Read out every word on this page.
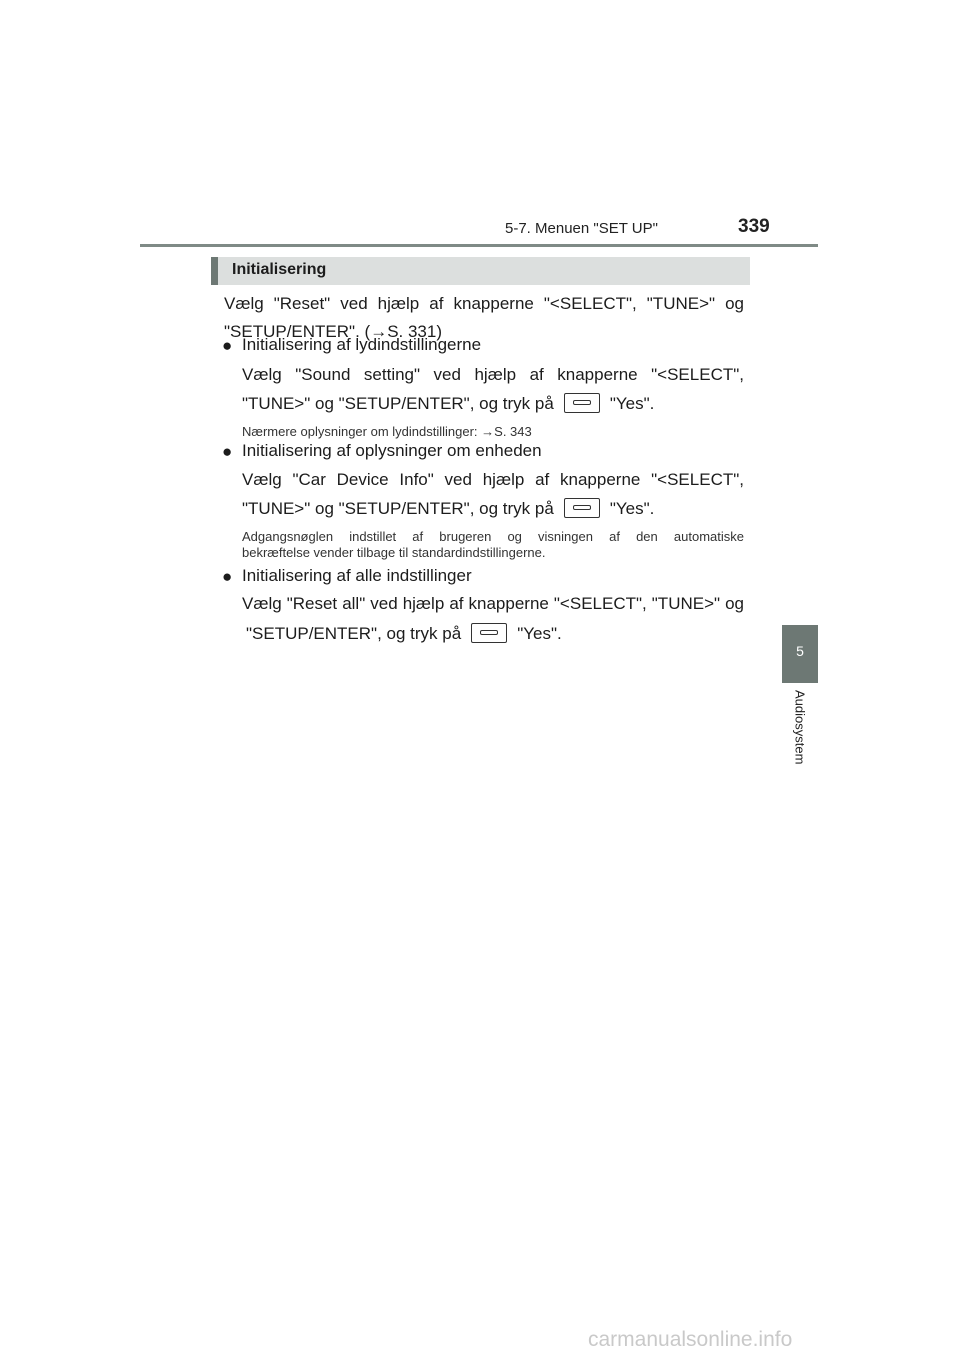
5-7. Menuen "SET UP"	339
5
Audiosystem
Initialisering
Vælg "Reset" ved hjælp af knapperne "<SELECT", "TUNE>" og
"SETUP/ENTER". (→S. 331)
● Initialisering af lydindstillingerne
Vælg "Sound setting" ved hjælp af knapperne "<SELECT",
"TUNE>" og "SETUP/ENTER", og tryk på	"Yes".
Nærmere oplysninger om lydindstillinger: →S. 343
● Initialisering af oplysninger om enheden
Vælg "Car Device Info" ved hjælp af knapperne "<SELECT",
"TUNE>" og "SETUP/ENTER", og tryk på	"Yes".
Adgangsnøglen indstillet af brugeren og visningen af den automatiske
bekræftelse vender tilbage til standardindstillingerne.
● Initialisering af alle indstillinger
Vælg "Reset all" ved hjælp af knapperne "<SELECT", "TUNE>" og
"SETUP/ENTER", og tryk på	"Yes".
carmanualsonline.info
